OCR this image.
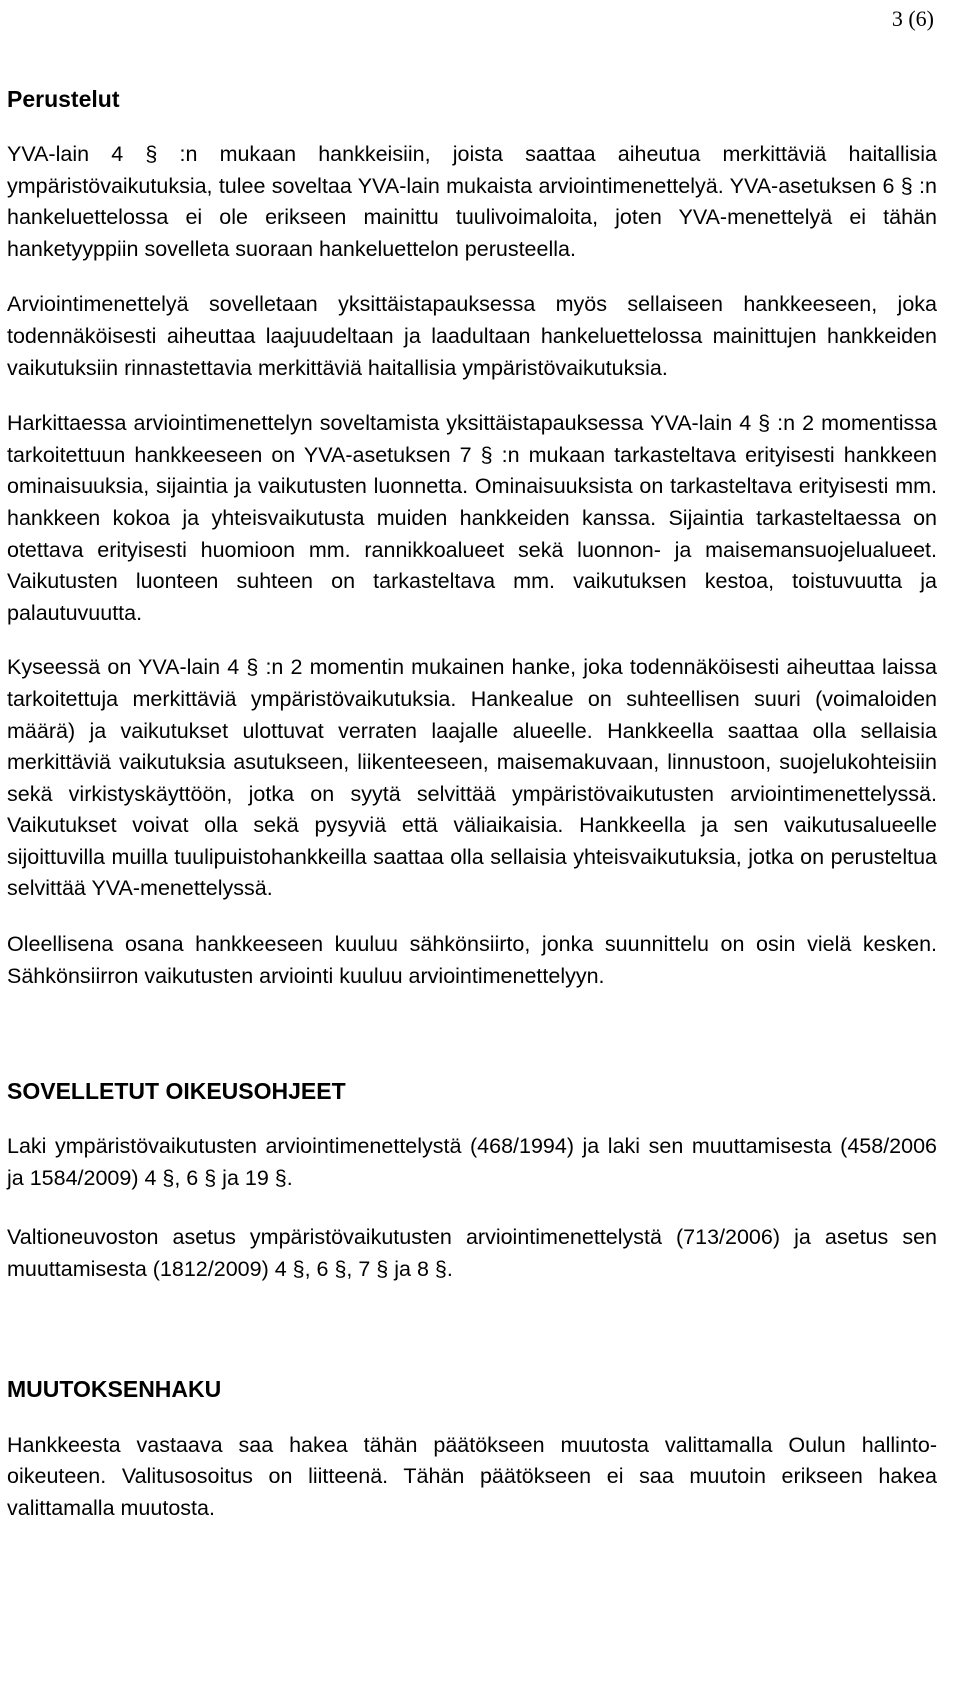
3 (6)
Perustelut

YVA-lain 4 § :n mukaan hankkeisiin, joista saattaa aiheutua merkittäviä haitallisia ympäristövaikutuksia, tulee soveltaa YVA-lain mukaista arviointimenettelyä. YVA-asetuksen 6 § :n hankeluettelossa ei ole erikseen mainittu tuulivoimaloita, joten YVA-menettelyä ei tähän hanketyyppiin sovelleta suoraan hankeluettelon perusteella.

Arviointimenettelyä sovelletaan yksittäistapauksessa myös sellaiseen hankkeeseen, joka todennäköisesti aiheuttaa laajuudeltaan ja laadultaan hankeluettelossa mainittujen hankkeiden vaikutuksiin rinnastettavia merkittäviä haitallisia ympäristövaikutuksia.

Harkittaessa arviointimenettelyn soveltamista yksittäistapauksessa YVA-lain 4 § :n 2 momentissa tarkoitettuun hankkeeseen on YVA-asetuksen 7 § :n mukaan tarkasteltava erityisesti hankkeen ominaisuuksia, sijaintia ja vaikutusten luonnetta. Ominaisuuksista on tarkasteltava erityisesti mm. hankkeen kokoa ja yhteisvaikutusta muiden hankkeiden kanssa. Sijaintia tarkasteltaessa on otettava erityisesti huomioon mm. rannikkoalueet sekä luonnon- ja maisemansuojelualueet. Vaikutusten luonteen suhteen on tarkasteltava mm. vaikutuksen kestoa, toistuvuutta ja palautuvuutta.

Kyseessä on YVA-lain 4 § :n 2 momentin mukainen hanke, joka todennäköisesti aiheuttaa laissa tarkoitettuja merkittäviä ympäristövaikutuksia. Hankealue on suhteellisen suuri (voimaloiden määrä) ja vaikutukset ulottuvat verraten laajalle alueelle. Hankkeella saattaa olla sellaisia merkittäviä vaikutuksia asutukseen, liikenteeseen, maisemakuvaan, linnustoon, suojelukohteisiin sekä virkistyskäyttöön, jotka on syytä selvittää ympäristövaikutusten arviointimenettelyssä. Vaikutukset voivat olla sekä pysyviä että väliaikaisia. Hankkeella ja sen vaikutusalueelle sijoittuvilla muilla tuulipuistohankkeilla saattaa olla sellaisia yhteisvaikutuksia, jotka on perusteltua selvittää YVA-menettelyssä.

Oleellisena osana hankkeeseen kuuluu sähkönsiirto, jonka suunnittelu on osin vielä kesken. Sähkönsiirron vaikutusten arviointi kuuluu arviointimenettelyyn.

SOVELLETUT OIKEUSOHJEET

Laki ympäristövaikutusten arviointimenettelystä (468/1994) ja laki sen muuttamisesta (458/2006 ja 1584/2009) 4 §, 6 § ja 19 §.

Valtioneuvoston asetus ympäristövaikutusten arviointimenettelystä (713/2006) ja asetus sen muuttamisesta (1812/2009) 4 §, 6 §, 7 § ja 8 §.

MUUTOKSENHAKU

Hankkeesta vastaava saa hakea tähän päätökseen muutosta valittamalla Oulun hallinto-oikeuteen. Valitusosoitus on liitteenä. Tähän päätökseen ei saa muutoin erikseen hakea valittamalla muutosta.
